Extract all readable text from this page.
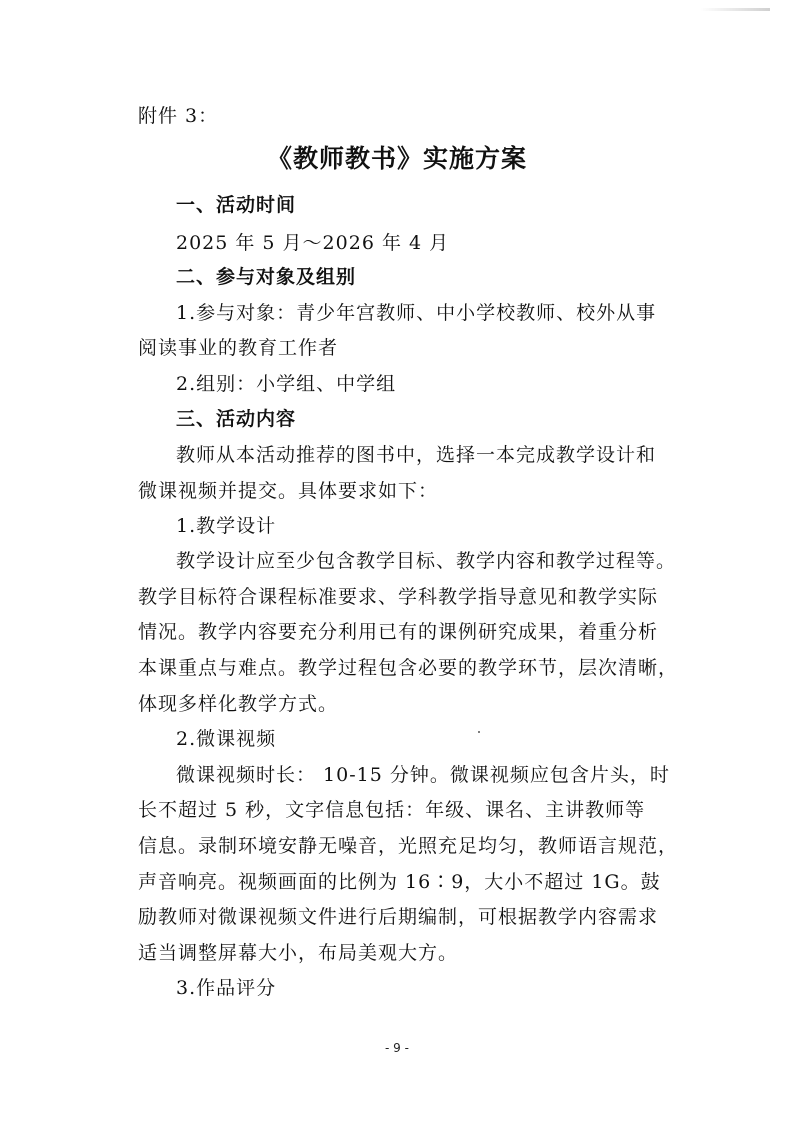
附件 3：
《教师教书》实施方案
一、活动时间
2025 年 5 月～2026 年 4 月
二、参与对象及组别
1.参与对象：青少年宫教师、中小学校教师、校外从事
阅读事业的教育工作者
2.组别：小学组、中学组
三、活动内容
教师从本活动推荐的图书中，选择一本完成教学设计和
微课视频并提交。具体要求如下：
1.教学设计
教学设计应至少包含教学目标、教学内容和教学过程等。
教学目标符合课程标准要求、学科教学指导意见和教学实际
情况。教学内容要充分利用已有的课例研究成果，着重分析
本课重点与难点。教学过程包含必要的教学环节，层次清晰，
体现多样化教学方式。
2.微课视频
微课视频时长： 10-15 分钟。微课视频应包含片头，时
长不超过 5 秒，文字信息包括：年级、课名、主讲教师等
信息。录制环境安静无噪音，光照充足均匀，教师语言规范，
声音响亮。视频画面的比例为 16∶9，大小不超过 1G。鼓
励教师对微课视频文件进行后期编制，可根据教学内容需求
适当调整屏幕大小，布局美观大方。
3.作品评分
- 9 -
